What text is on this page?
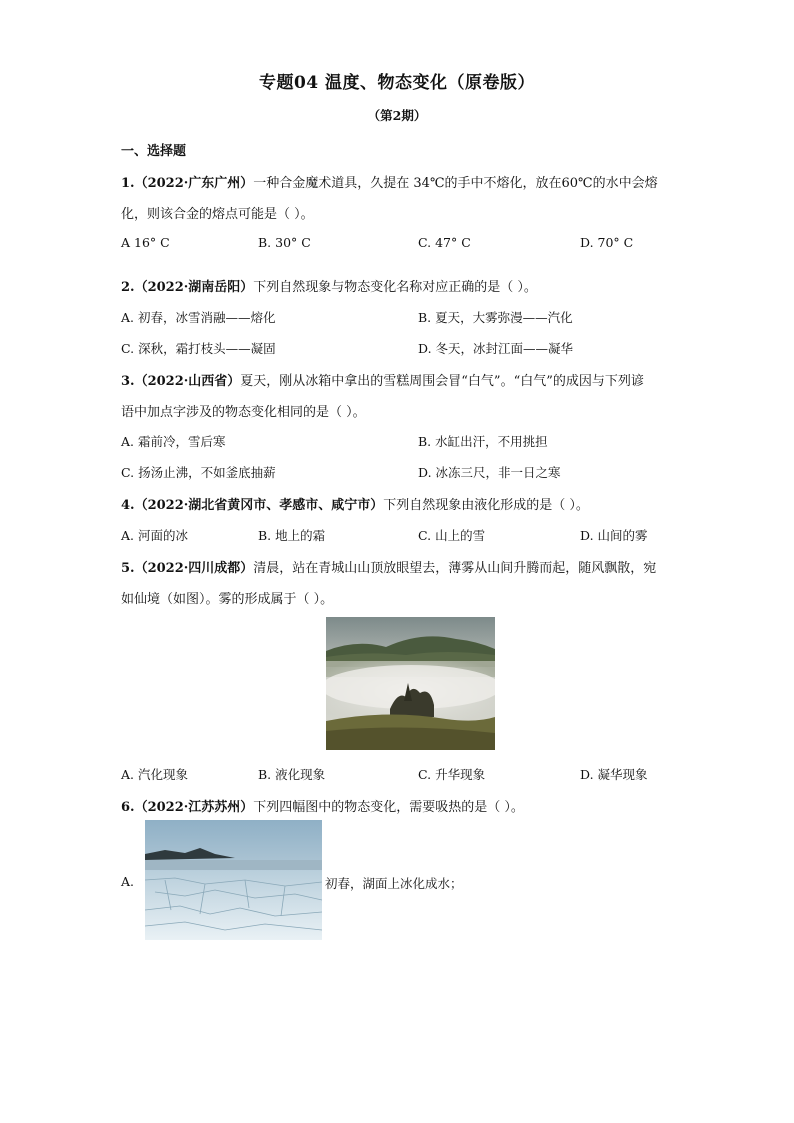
专题04 温度、物态变化（原卷版）
（第2期）
一、选择题
1.（2022·广东广州）一种合金魔术道具，久提在 34℃的手中不熔化，放在60℃的水中会熔
化，则该合金的熔点可能是（ ）。
A 16° C	B. 30° C	C. 47° C	D. 70° C
2.（2022·湖南岳阳）下列自然现象与物态变化名称对应正确的是（ ）。
A. 初春，冰雪消融——熔化	B. 夏天，大雾弥漫——汽化
C. 深秋，霜打枝头——凝固	D. 冬天，冰封江面——凝华
3.（2022·山西省）夏天，刚从冰箱中拿出的雪糕周围会冒“白气”。“白气”的成因与下列谚
语中加点字涉及的物态变化相同的是（ ）。
A. 霜前冷，雪后寒	B. 水缸出汗，不用挑担
C. 扬汤止沸，不如釜底抽薪	D. 冰冻三尺，非一日之寒
4.（2022·湖北省黄冈市、孝感市、咸宁市）下列自然现象由液化形成的是（ ）。
A. 河面的冰	B. 地上的霜	C. 山上的雪	D. 山间的雾
5.（2022·四川成都）清晨，站在青城山山顶放眼望去，薄雾从山间升腾而起，随风飘散，宛
如仙境（如图）。雾的形成属于（ ）。
A. 汽化现象	B. 液化现象	C. 升华现象	D. 凝华现象
6.（2022·江苏苏州）下列四幅图中的物态变化，需要吸热的是（ ）。
A.	初春，湖面上冰化成水；
